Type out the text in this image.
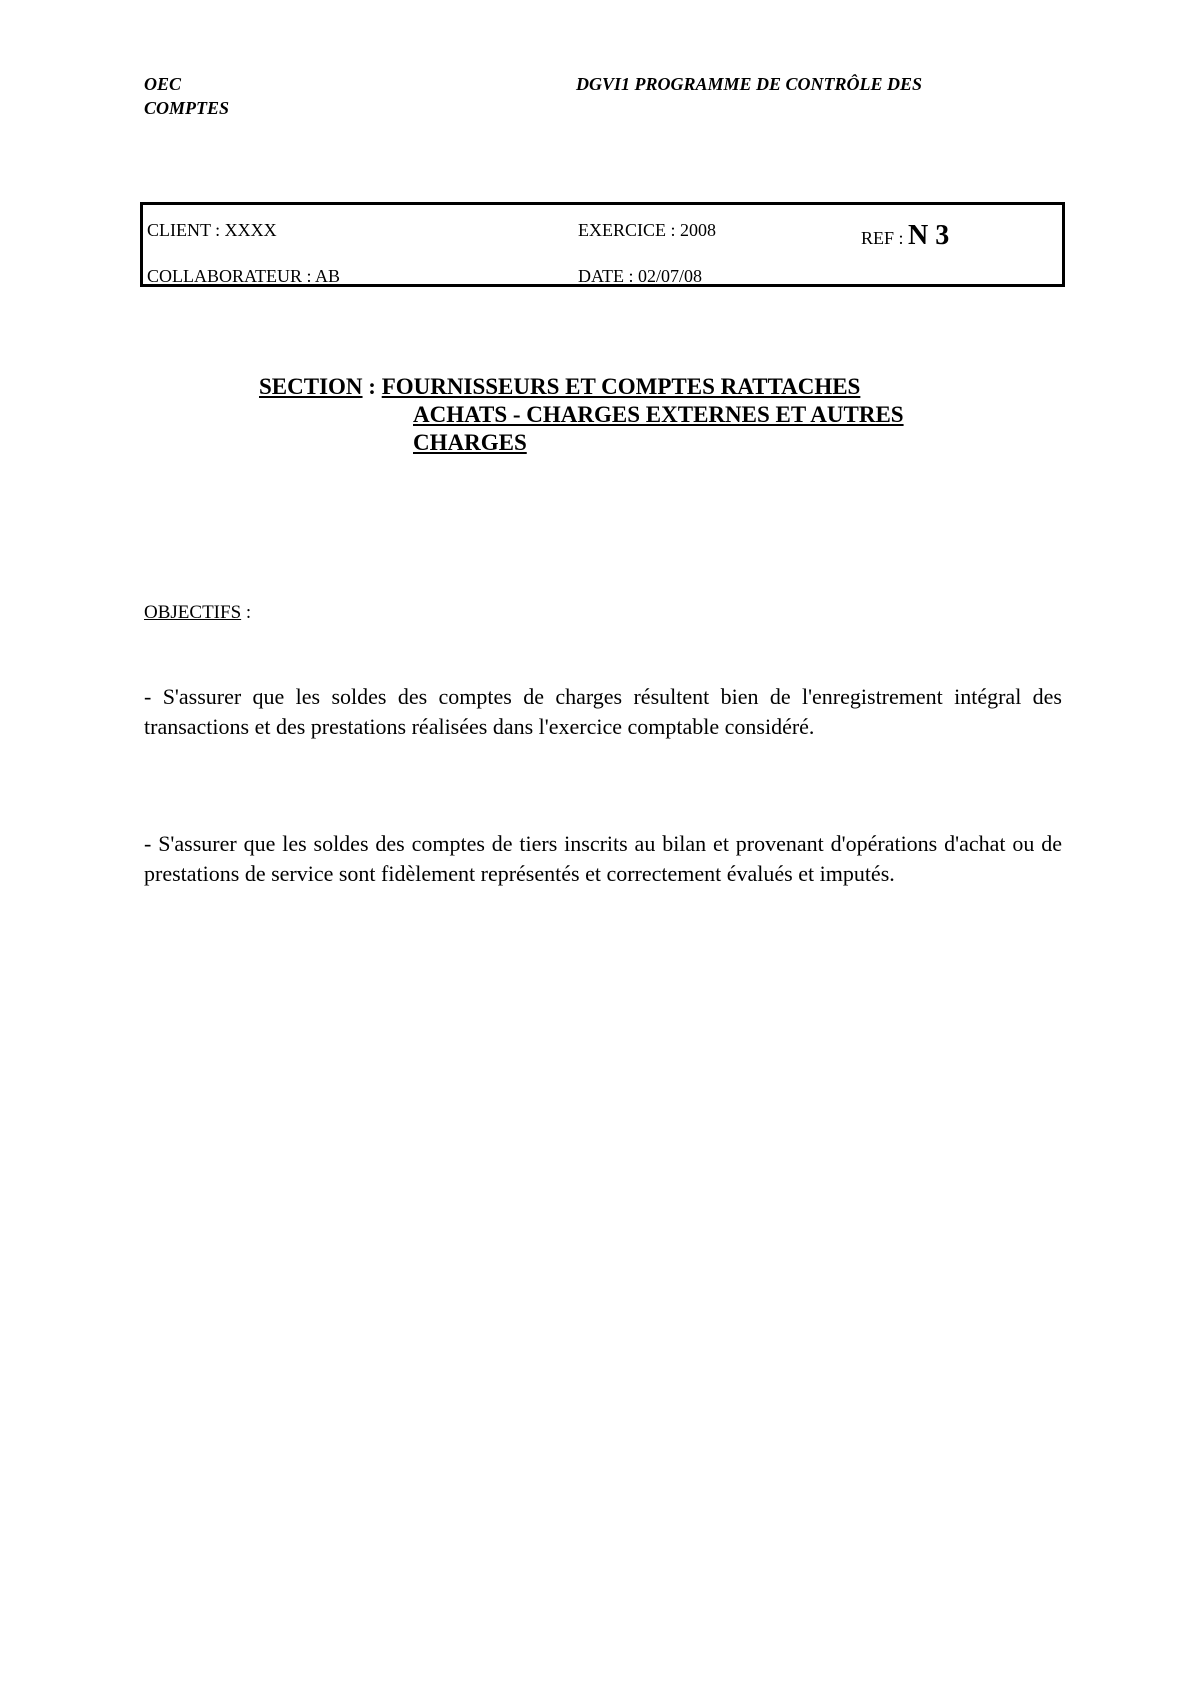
OEC
COMPTES
DGVI1 PROGRAMME DE CONTRÔLE DES
CLIENT : XXXX	EXERCICE : 2008	REF : N 3
COLLABORATEUR : AB	DATE : 02/07/08
SECTION : FOURNISSEURS ET COMPTES RATTACHES
ACHATS - CHARGES EXTERNES ET AUTRES
CHARGES
OBJECTIFS :
- S'assurer que les soldes des comptes de charges résultent bien de l'enregistrement intégral des transactions et des prestations réalisées dans l'exercice comptable considéré.
- S'assurer que les soldes des comptes de tiers inscrits au bilan et provenant d'opérations d'achat ou de prestations de service sont fidèlement représentés et correctement évalués et imputés.
